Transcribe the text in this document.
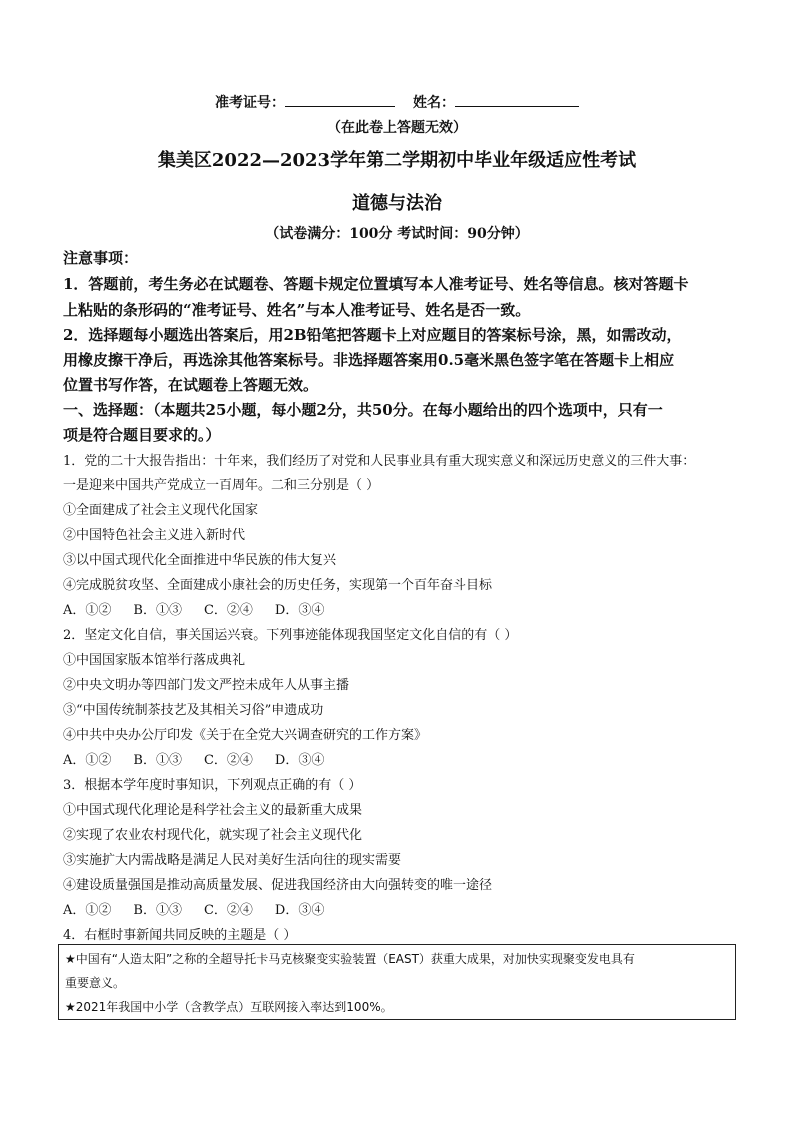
准考证号：	姓名：
（在此卷上答题无效）
集美区2022—2023学年第二学期初中毕业年级适应性考试
道德与法治
（试卷满分：100分 考试时间：90分钟）
注意事项：
1．答题前，考生务必在试题卷、答题卡规定位置填写本人准考证号、姓名等信息。核对答题卡
上粘贴的条形码的“准考证号、姓名”与本人准考证号、姓名是否一致。
2．选择题每小题选出答案后，用2B铅笔把答题卡上对应题目的答案标号涂，黑，如需改动，
用橡皮擦干净后，再选涂其他答案标号。非选择题答案用0.5毫米黑色签字笔在答题卡上相应
位置书写作答，在试题卷上答题无效。
一、选择题：（本题共25小题，每小题2分，共50分。在每小题给出的四个选项中，只有一
项是符合题目要求的。）
1．党的二十大报告指出：十年来，我们经历了对党和人民事业具有重大现实意义和深远历史意义的三件大事：
一是迎来中国共产党成立一百周年。二和三分别是（ ）
①全面建成了社会主义现代化国家
②中国特色社会主义进入新时代
③以中国式现代化全面推进中华民族的伟大复兴
④完成脱贫攻坚、全面建成小康社会的历史任务，实现第一个百年奋斗目标
A．①② B．①③ C．②④ D．③④
2．坚定文化自信，事关国运兴衰。下列事迹能体现我国坚定文化自信的有（ ）
①中国国家版本馆举行落成典礼
②中央文明办等四部门发文严控未成年人从事主播
③“中国传统制茶技艺及其相关习俗”申遗成功
④中共中央办公厅印发《关于在全党大兴调查研究的工作方案》
A．①② B．①③ C．②④ D．③④
3．根据本学年度时事知识，下列观点正确的有（ ）
①中国式现代化理论是科学社会主义的最新重大成果
②实现了农业农村现代化，就实现了社会主义现代化
③实施扩大内需战略是满足人民对美好生活向往的现实需要
④建设质量强国是推动高质量发展、促进我国经济由大向强转变的唯一途径
A．①② B．①③ C．②④ D．③④
4．右框时事新闻共同反映的主题是（ ）
★中国有“人造太阳”之称的全超导托卡马克核聚变实验装置（EAST）获重大成果，对加快实现聚变发电具有
重要意义。
★2021年我国中小学（含教学点）互联网接入率达到100%。
